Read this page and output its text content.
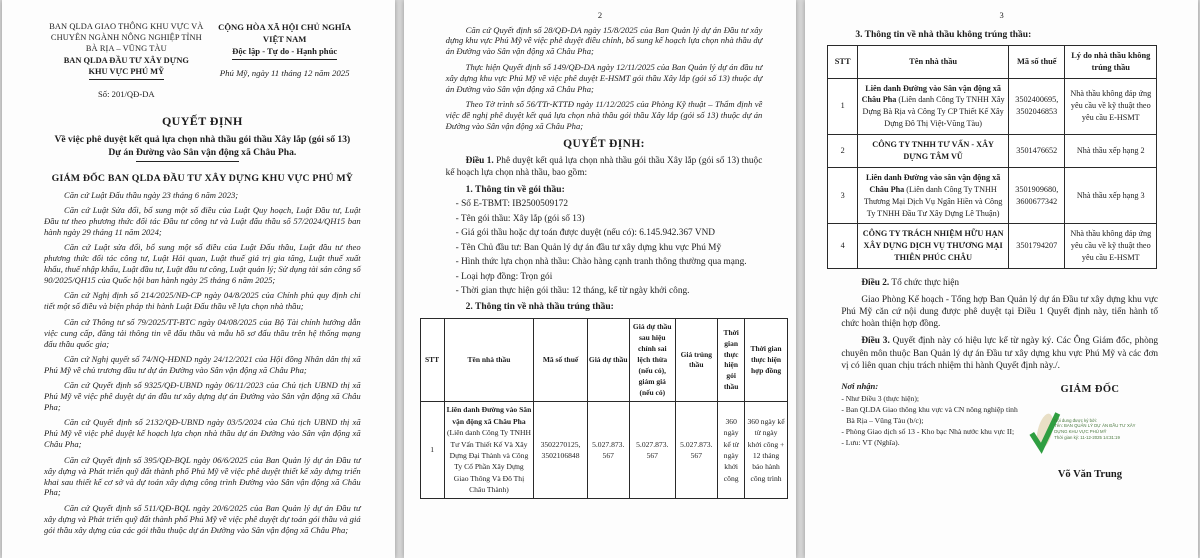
BAN QLDA GIAO THÔNG KHU VỰC VÀ CHUYÊN NGÀNH NÔNG NGHIỆP TỈNH BÀ RỊA – VŨNG TÀU
BAN QLDA ĐẦU TƯ XÂY DỰNG
KHU VỰC PHÚ MỸ
Số: 201/QĐ-DA
CỘNG HÒA XÃ HỘI CHỦ NGHĨA VIỆT NAM
Độc lập - Tự do - Hạnh phúc
Phú Mỹ, ngày 11 tháng 12 năm 2025
QUYẾT ĐỊNH
Về việc phê duyệt kết quả lựa chọn nhà thầu gói thầu Xây lắp (gói số 13)
Dự án Đường vào Sân vận động xã Châu Pha.
GIÁM ĐỐC BAN QLDA ĐẦU TƯ XÂY DỰNG KHU VỰC PHÚ MỸ

Căn cứ Luật Đấu thầu ngày 23 tháng 6 năm 2023;

Căn cứ Luật Sửa đổi, bổ sung một số điều của Luật Quy hoạch, Luật Đầu tư, Luật Đầu tư theo phương thức đối tác Đầu tư công tư và Luật đấu thầu số 57/2024/QH15 ban hành ngày 29 tháng 11 năm 2024;

Căn cứ Luật sửa đổi, bổ sung một số điều của Luật Đấu thầu, Luật đầu tư theo phương thức đối tác công tư, Luật Hải quan, Luật thuế giá trị gia tăng, Luật thuế xuất khẩu, thuế nhập khẩu, Luật đầu tư, Luật đầu tư công, Luật quản lý; Sử dụng tài sản công số 90/2025/QH15 của Quốc hội ban hành ngày 25 tháng 6 năm 2025;

Căn cứ Nghị định số 214/2025/NĐ-CP ngày 04/8/2025 của Chính phủ quy định chi tiết một số điều và biện pháp thi hành Luật Đấu thầu về lựa chọn nhà thầu;

Căn cứ Thông tư số 79/2025/TT-BTC ngày 04/08/2025 của Bộ Tài chính hướng dẫn việc cung cấp, đăng tải thông tin về đấu thầu và mẫu hồ sơ đấu thầu trên hệ thống mạng đấu thầu quốc gia;

Căn cứ Nghị quyết số 74/NQ-HĐND ngày 24/12/2021 của Hội đồng Nhân dân thị xã Phú Mỹ về chủ trương đầu tư dự án Đường vào Sân vận động xã Châu Pha;

Căn cứ Quyết định số 9325/QĐ-UBND ngày 06/11/2023 của Chủ tịch UBND thị xã Phú Mỹ về việc phê duyệt dự án đầu tư xây dựng dự án Đường vào Sân vận động xã Châu Pha;

Căn cứ Quyết định số 2132/QĐ-UBND ngày 03/5/2024 của Chủ tịch UBND thị xã Phú Mỹ về việc phê duyệt kế hoạch lựa chọn nhà thầu dự án Đường vào Sân vận động xã Châu Pha;

Căn cứ Quyết định số 395/QĐ-BQL ngày 06/6/2025 của Ban Quản lý dự án Đầu tư xây dựng và Phát triển quỹ đất thành phố Phú Mỹ về việc phê duyệt thiết kế xây dựng triển khai sau thiết kế cơ sở và dự toán xây dựng công trình Đường vào Sân vận động xã Châu Pha;

Căn cứ Quyết định số 511/QĐ-BQL ngày 20/6/2025 của Ban Quản lý dự án Đầu tư xây dựng và Phát triển quỹ đất thành phố Phú Mỹ về việc phê duyệt dự toán gói thầu và giá gói thầu xây dựng của các gói thầu thuộc dự án Đường vào Sân vận động xã Châu Pha;

2

Căn cứ Quyết định số 28/QĐ-DA ngày 15/8/2025 của Ban Quản lý dự án Đầu tư xây dựng khu vực Phú Mỹ về việc phê duyệt điều chỉnh, bổ sung kế hoạch lựa chọn nhà thầu dự án Đường vào Sân vận động xã Châu Pha;

Thực hiện Quyết định số 149/QĐ-DA ngày 12/11/2025 của Ban Quản lý dự án đầu tư xây dựng khu vực Phú Mỹ về việc phê duyệt E-HSMT gói thầu Xây lắp (gói số 13) thuộc dự án Đường vào Sân vận động xã Châu Pha;

Theo Tờ trình số 56/TTr-KTTĐ ngày 11/12/2025 của Phòng Kỹ thuật – Thẩm định về việc đề nghị phê duyệt kết quả lựa chọn nhà thầu gói thầu Xây lắp (gói số 13) thuộc dự án Đường vào Sân vận động xã Châu Pha;

QUYẾT ĐỊNH:

Điều 1. Phê duyệt kết quả lựa chọn nhà thầu gói thầu Xây lắp (gói số 13) thuộc kế hoạch lựa chọn nhà thầu, bao gồm:

1. Thông tin về gói thầu:
- Số E-TBMT: IB2500509172
- Tên gói thầu: Xây lắp (gói số 13)
- Giá gói thầu hoặc dự toán được duyệt (nếu có): 6.145.942.367 VND
- Tên Chủ đầu tư: Ban Quản lý dự án đầu tư xây dựng khu vực Phú Mỹ
- Hình thức lựa chọn nhà thầu: Chào hàng cạnh tranh thông thường qua mạng.
- Loại hợp đồng: Trọn gói
- Thời gian thực hiện gói thầu: 12 tháng, kể từ ngày khởi công.
2. Thông tin về nhà thầu trúng thầu:
STT	Tên nhà thầu	Mã số thuế	Giá dự thầu	Giá dự thầu sau hiệu chỉnh sai lệch thừa (nếu có), giảm giá (nếu có)	Giá trúng thầu	Thời gian thực hiện gói thầu	Thời gian thực hiện hợp đồng
1	Liên danh Đường vào Sân vận động xã Châu Pha (Liên danh Công Ty TNHH Tư Vấn Thiết Kế Và Xây Dựng Đại Thành và Công Ty Cổ Phần Xây Dựng Giao Thông Và Đô Thị Châu Thành)	3502270125, 3502106848	5.027.873. 567	5.027.873. 567	5.027.873. 567	360 ngày kể từ ngày khởi công	360 ngày kể từ ngày khởi công + 12 tháng bảo hành công trình
3
3. Thông tin về nhà thầu không trúng thầu:
STT	Tên nhà thầu	Mã số thuế	Lý do nhà thầu không trúng thầu
1	Liên danh Đường vào Sân vận động xã Châu Pha (Liên danh Công Ty TNHH Xây Dựng Bà Rịa và Công Ty CP Thiết Kế Xây Dựng Đô Thị Việt-Vũng Tàu)	3502400695, 3502046853	Nhà thầu không đáp ứng yêu cầu về kỹ thuật theo yêu cầu E-HSMT
2	CÔNG TY TNHH TƯ VẤN - XÂY DỰNG TÂM VŨ	3501476652	Nhà thầu xếp hạng 2
3	Liên danh Đường vào sân vận động xã Châu Pha (Liên danh Công Ty TNHH Thương Mại Dịch Vụ Ngân Hiền và Công Ty TNHH Đầu Tư Xây Dựng Lê Thuận)	3501909680, 3600677342	Nhà thầu xếp hạng 3
4	CÔNG TY TRÁCH NHIỆM HỮU HẠN XÂY DỰNG DỊCH VỤ THƯƠNG MẠI THIÊN PHÚC CHÂU	3501794207	Nhà thầu không đáp ứng yêu cầu về kỹ thuật theo yêu cầu E-HSMT

Điều 2. Tổ chức thực hiện

Giao Phòng Kế hoạch - Tổng hợp Ban Quản lý dự án Đầu tư xây dựng khu vực Phú Mỹ căn cứ nội dung được phê duyệt tại Điều 1 Quyết định này, tiến hành tổ chức hoàn thiện hợp đồng.

Điều 3. Quyết định này có hiệu lực kể từ ngày ký. Các Ông Giám đốc, phòng chuyên môn thuộc Ban Quản lý dự án Đầu tư xây dựng khu vực Phú Mỹ và các đơn vị có liên quan chịu trách nhiệm thi hành Quyết định này./.

Nơi nhận:
- Như Điều 3 (thực hiện);
- Ban QLDA Giao thông khu vực và CN nông nghiệp tỉnh
Bà Rịa – Vũng Tàu (b/c);
- Phòng Giao dịch số 13 - Kho bạc Nhà nước khu vực II;
- Lưu: VT (Nghĩa).
GIÁM ĐỐC
Nội dung được ký bởi:
Tên: BAN QUẢN LÝ DỰ ÁN ĐẦU TƯ XÂY
DỰNG KHU VỰC PHÚ MỸ
Thời gian ký: 11-12-2025 14:31:19
Võ Văn Trung
